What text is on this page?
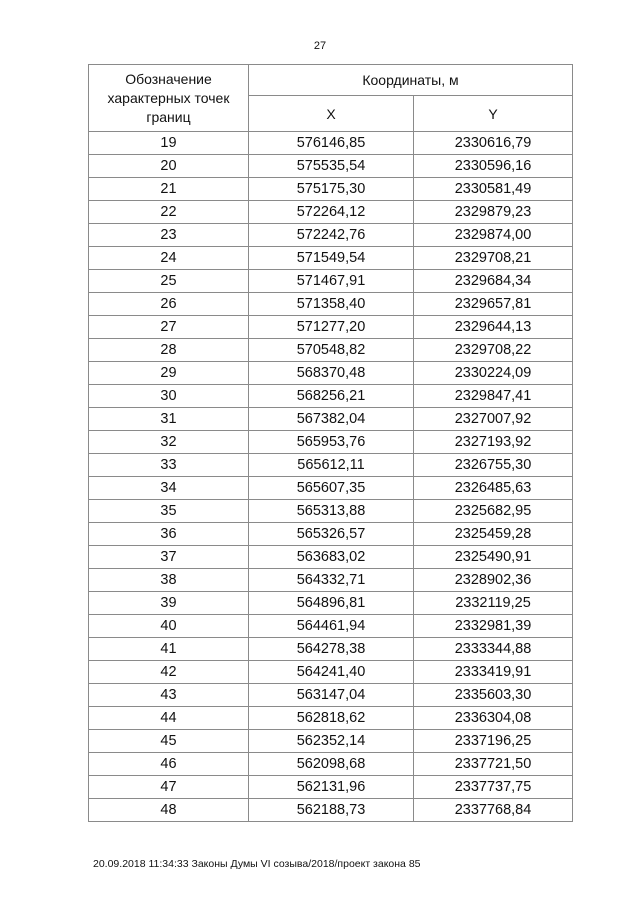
27
Обозначение характерных точек границ	Координаты, м	
	X	Y
19	576146,85	2330616,79
20	575535,54	2330596,16
21	575175,30	2330581,49
22	572264,12	2329879,23
23	572242,76	2329874,00
24	571549,54	2329708,21
25	571467,91	2329684,34
26	571358,40	2329657,81
27	571277,20	2329644,13
28	570548,82	2329708,22
29	568370,48	2330224,09
30	568256,21	2329847,41
31	567382,04	2327007,92
32	565953,76	2327193,92
33	565612,11	2326755,30
34	565607,35	2326485,63
35	565313,88	2325682,95
36	565326,57	2325459,28
37	563683,02	2325490,91
38	564332,71	2328902,36
39	564896,81	2332119,25
40	564461,94	2332981,39
41	564278,38	2333344,88
42	564241,40	2333419,91
43	563147,04	2335603,30
44	562818,62	2336304,08
45	562352,14	2337196,25
46	562098,68	2337721,50
47	562131,96	2337737,75
48	562188,73	2337768,84
20.09.2018 11:34:33 Законы Думы VI созыва/2018/проект закона 85
